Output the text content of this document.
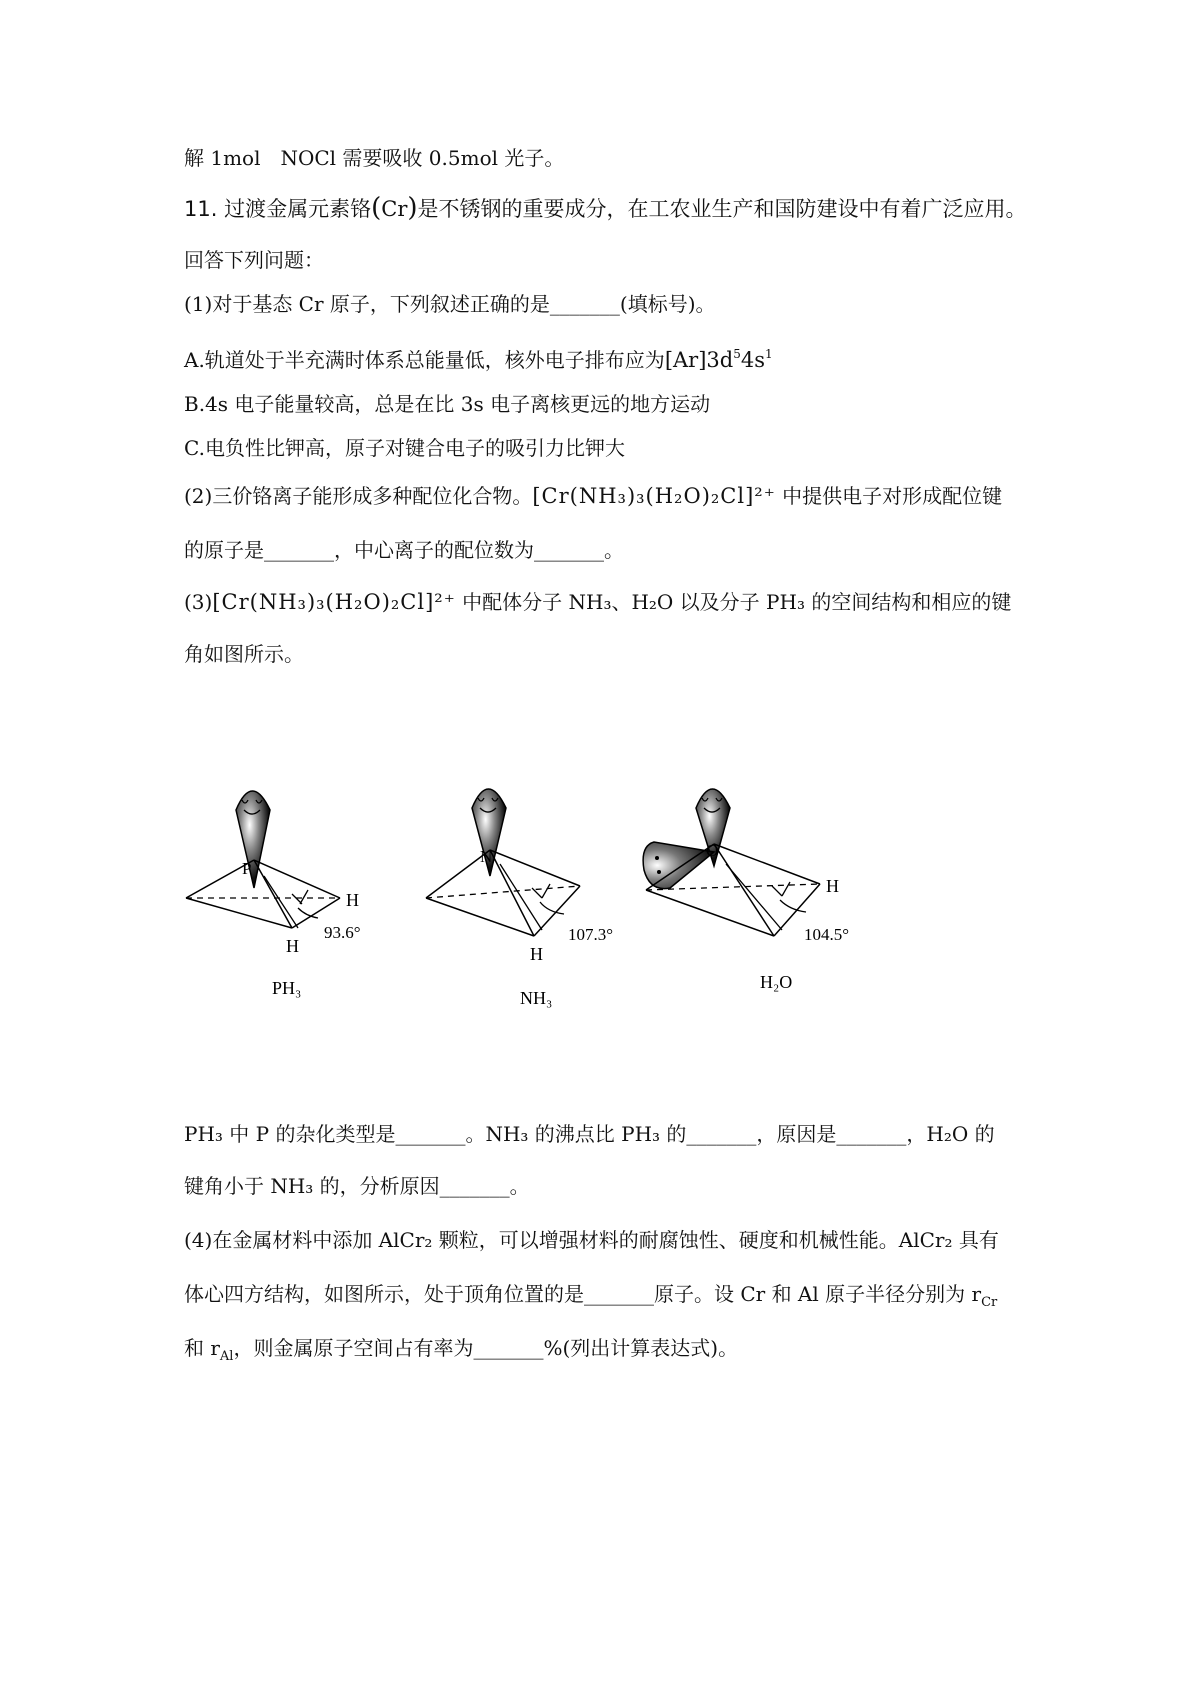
解 1mol　NOCl 需要吸收 0.5mol 光子。
11. 过渡金属元素铬(Cr)是不锈钢的重要成分，在工农业生产和国防建设中有着广泛应用。
回答下列问题：
(1)对于基态 Cr 原子，下列叙述正确的是_______(填标号)。
A.轨道处于半充满时体系总能量低，核外电子排布应为$[Ar]3d^54s^1$
B.4s 电子能量较高，总是在比 3s 电子离核更远的地方运动
C.电负性比钾高，原子对键合电子的吸引力比钾大
(2)三价铬离子能形成多种配位化合物。[Cr(NH₃)₃(H₂O)₂Cl]²⁺ 中提供电子对形成配位键
的原子是_______，中心离子的配位数为_______。
(3)[Cr(NH₃)₃(H₂O)₂Cl]²⁺ 中配体分子 NH₃、H₂O 以及分子 PH₃ 的空间结构和相应的键
角如图所示。
P
H
H
93.6°
PH₃
N
H
107.3°
NH₃
O
H
104.5°
H₂O
PH₃ 中 P 的杂化类型是_______。NH₃ 的沸点比 PH₃ 的_______，原因是_______，H₂O 的
键角小于 NH₃ 的，分析原因_______。
(4)在金属材料中添加 AlCr₂ 颗粒，可以增强材料的耐腐蚀性、硬度和机械性能。AlCr₂ 具有
体心四方结构，如图所示，处于顶角位置的是_______原子。设 Cr 和 Al 原子半径分别为 $r_{Cr}$
和 $r_{Al}$，则金属原子空间占有率为_______%(列出计算表达式)。
